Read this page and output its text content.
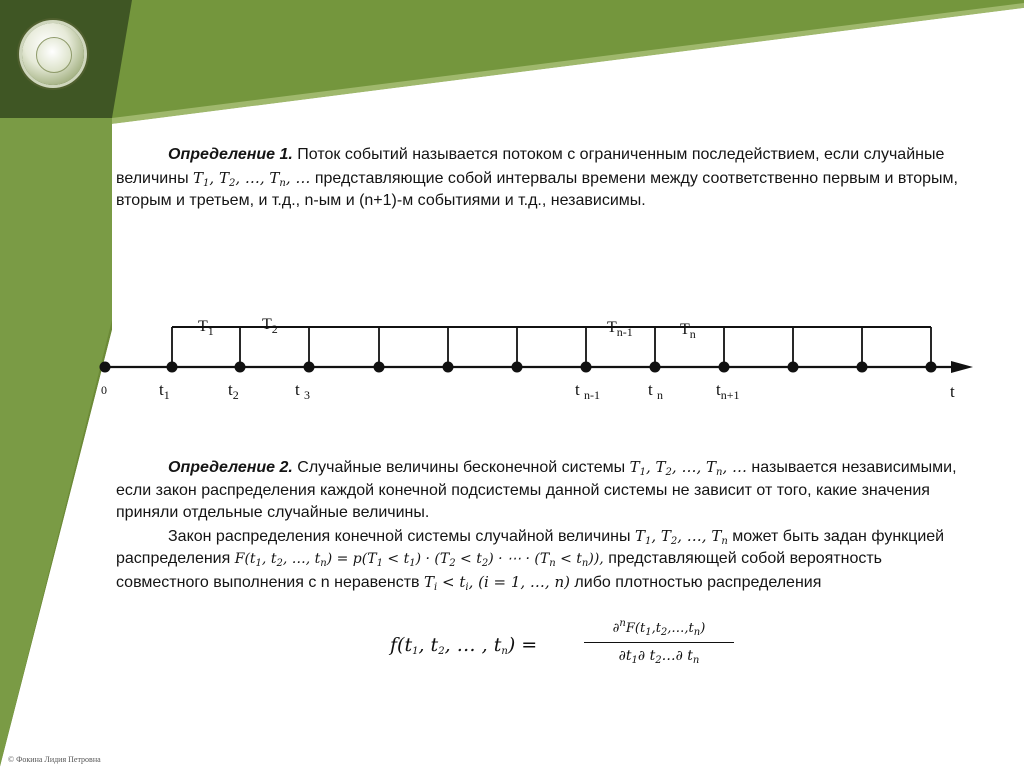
Определение 1. Поток событий называется потоком с ограниченным последействием, если случайные величины $T_1$, $T_2$, …, $T_n$, … представляющие собой интервалы времени между соответственно первым и вторым, вторым и третьем, и т.д., n-ым и (n+1)-м событиями и т.д., независимы.
0	t
$t_1$	$t_2$	t $_3$	t $_{n-1}$	t $_n$	$t_{n+1}$
$T_1$	$T_2$	$T_{n-1}$	$T_n$
Определение 2. Случайные величины бесконечной системы $T_1$, $T_2$, …, $T_n$, … называется независимыми, если закон распределения каждой конечной подсистемы данной системы не зависит от того, какие значения приняли отдельные случайные величины.
Закон распределения конечной системы случайной величины $T_1$, $T_2$, …, $T_n$ может быть задан функцией распределения $F(t_1$, $t_2$, …, $t_n) = p(T_1 < t_1) \cdot (T_2 < t_2)$ · ⋯ · $(T_n < t_n)$), представляющей собой вероятность совместного выполнения с n неравенств $T_i < t_i$, (i = 1, …, n) либо плотностью распределения
$f(t_1$, $t_2$, … , $t_n$) =
$\partial^nF(t_1,t_2,\dots,t_n)$
$\partial t_1\partial$ $t_2\dots\partial$ $t_n$
© Фокина Лидия Петровна
